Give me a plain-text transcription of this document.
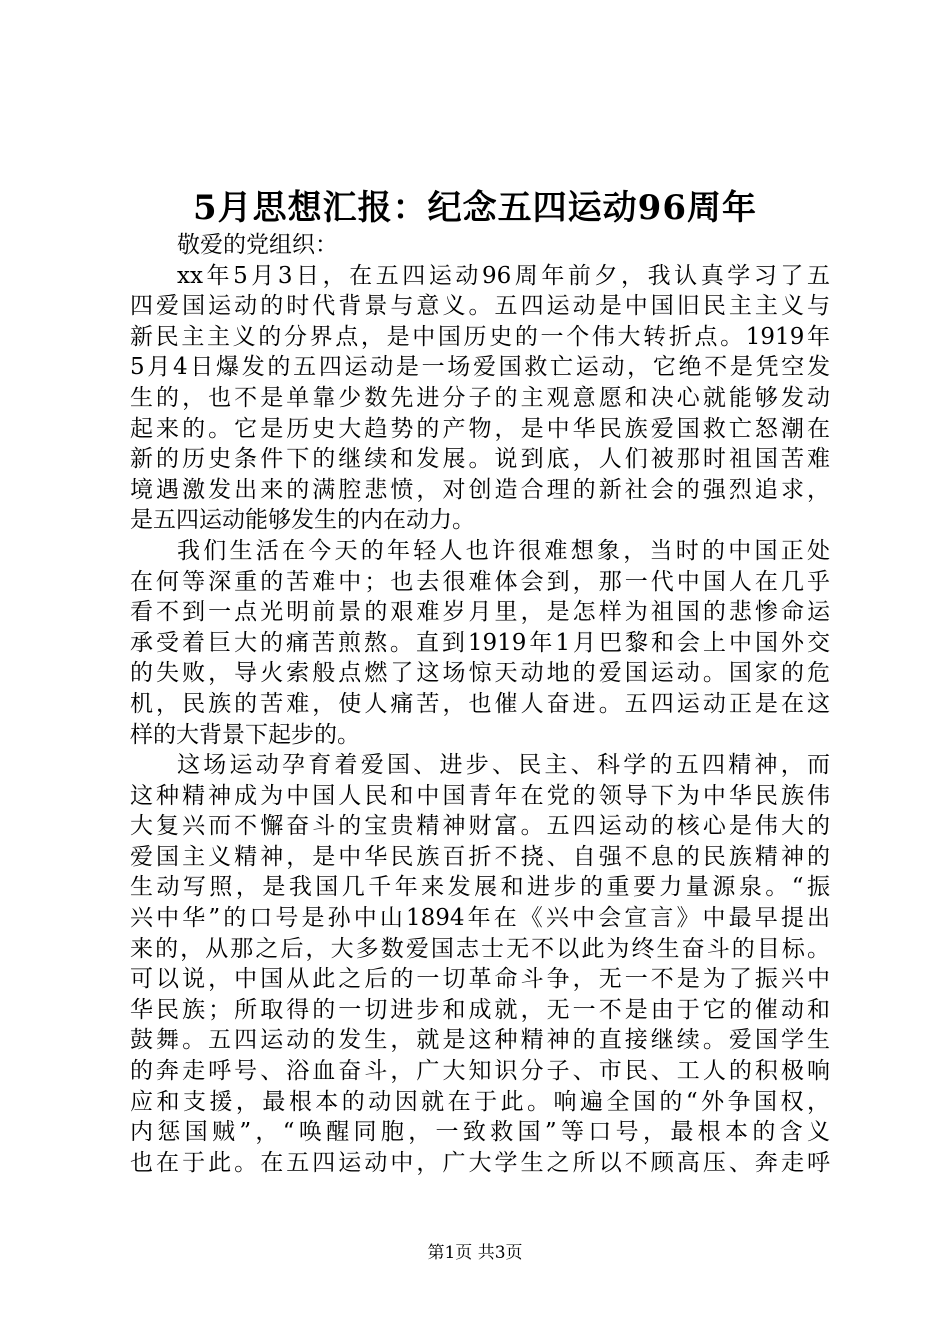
5月思想汇报：纪念五四运动96周年
敬爱的党组织：
xx年5月3日，在五四运动96周年前夕，我认真学习了五
四爱国运动的时代背景与意义。五四运动是中国旧民主主义与
新民主主义的分界点，是中国历史的一个伟大转折点。1919年
5月4日爆发的五四运动是一场爱国救亡运动，它绝不是凭空发
生的，也不是单靠少数先进分子的主观意愿和决心就能够发动
起来的。它是历史大趋势的产物，是中华民族爱国救亡怒潮在
新的历史条件下的继续和发展。说到底，人们被那时祖国苦难
境遇激发出来的满腔悲愤，对创造合理的新社会的强烈追求，
是五四运动能够发生的内在动力。
我们生活在今天的年轻人也许很难想象，当时的中国正处
在何等深重的苦难中；也去很难体会到，那一代中国人在几乎
看不到一点光明前景的艰难岁月里，是怎样为祖国的悲惨命运
承受着巨大的痛苦煎熬。直到1919年1月巴黎和会上中国外交
的失败，导火索般点燃了这场惊天动地的爱国运动。国家的危
机，民族的苦难，使人痛苦，也催人奋进。五四运动正是在这
样的大背景下起步的。
这场运动孕育着爱国、进步、民主、科学的五四精神，而
这种精神成为中国人民和中国青年在党的领导下为中华民族伟
大复兴而不懈奋斗的宝贵精神财富。五四运动的核心是伟大的
爱国主义精神，是中华民族百折不挠、自强不息的民族精神的
生动写照，是我国几千年来发展和进步的重要力量源泉。“振
兴中华”的口号是孙中山1894年在《兴中会宣言》中最早提出
来的，从那之后，大多数爱国志士无不以此为终生奋斗的目标。
可以说，中国从此之后的一切革命斗争，无一不是为了振兴中
华民族；所取得的一切进步和成就，无一不是由于它的催动和
鼓舞。五四运动的发生，就是这种精神的直接继续。爱国学生
的奔走呼号、浴血奋斗，广大知识分子、市民、工人的积极响
应和支援，最根本的动因就在于此。响遍全国的“外争国权，
内惩国贼”，“唤醒同胞，一致救国”等口号，最根本的含义
也在于此。在五四运动中，广大学生之所以不顾高压、奔走呼
第1页 共3页
